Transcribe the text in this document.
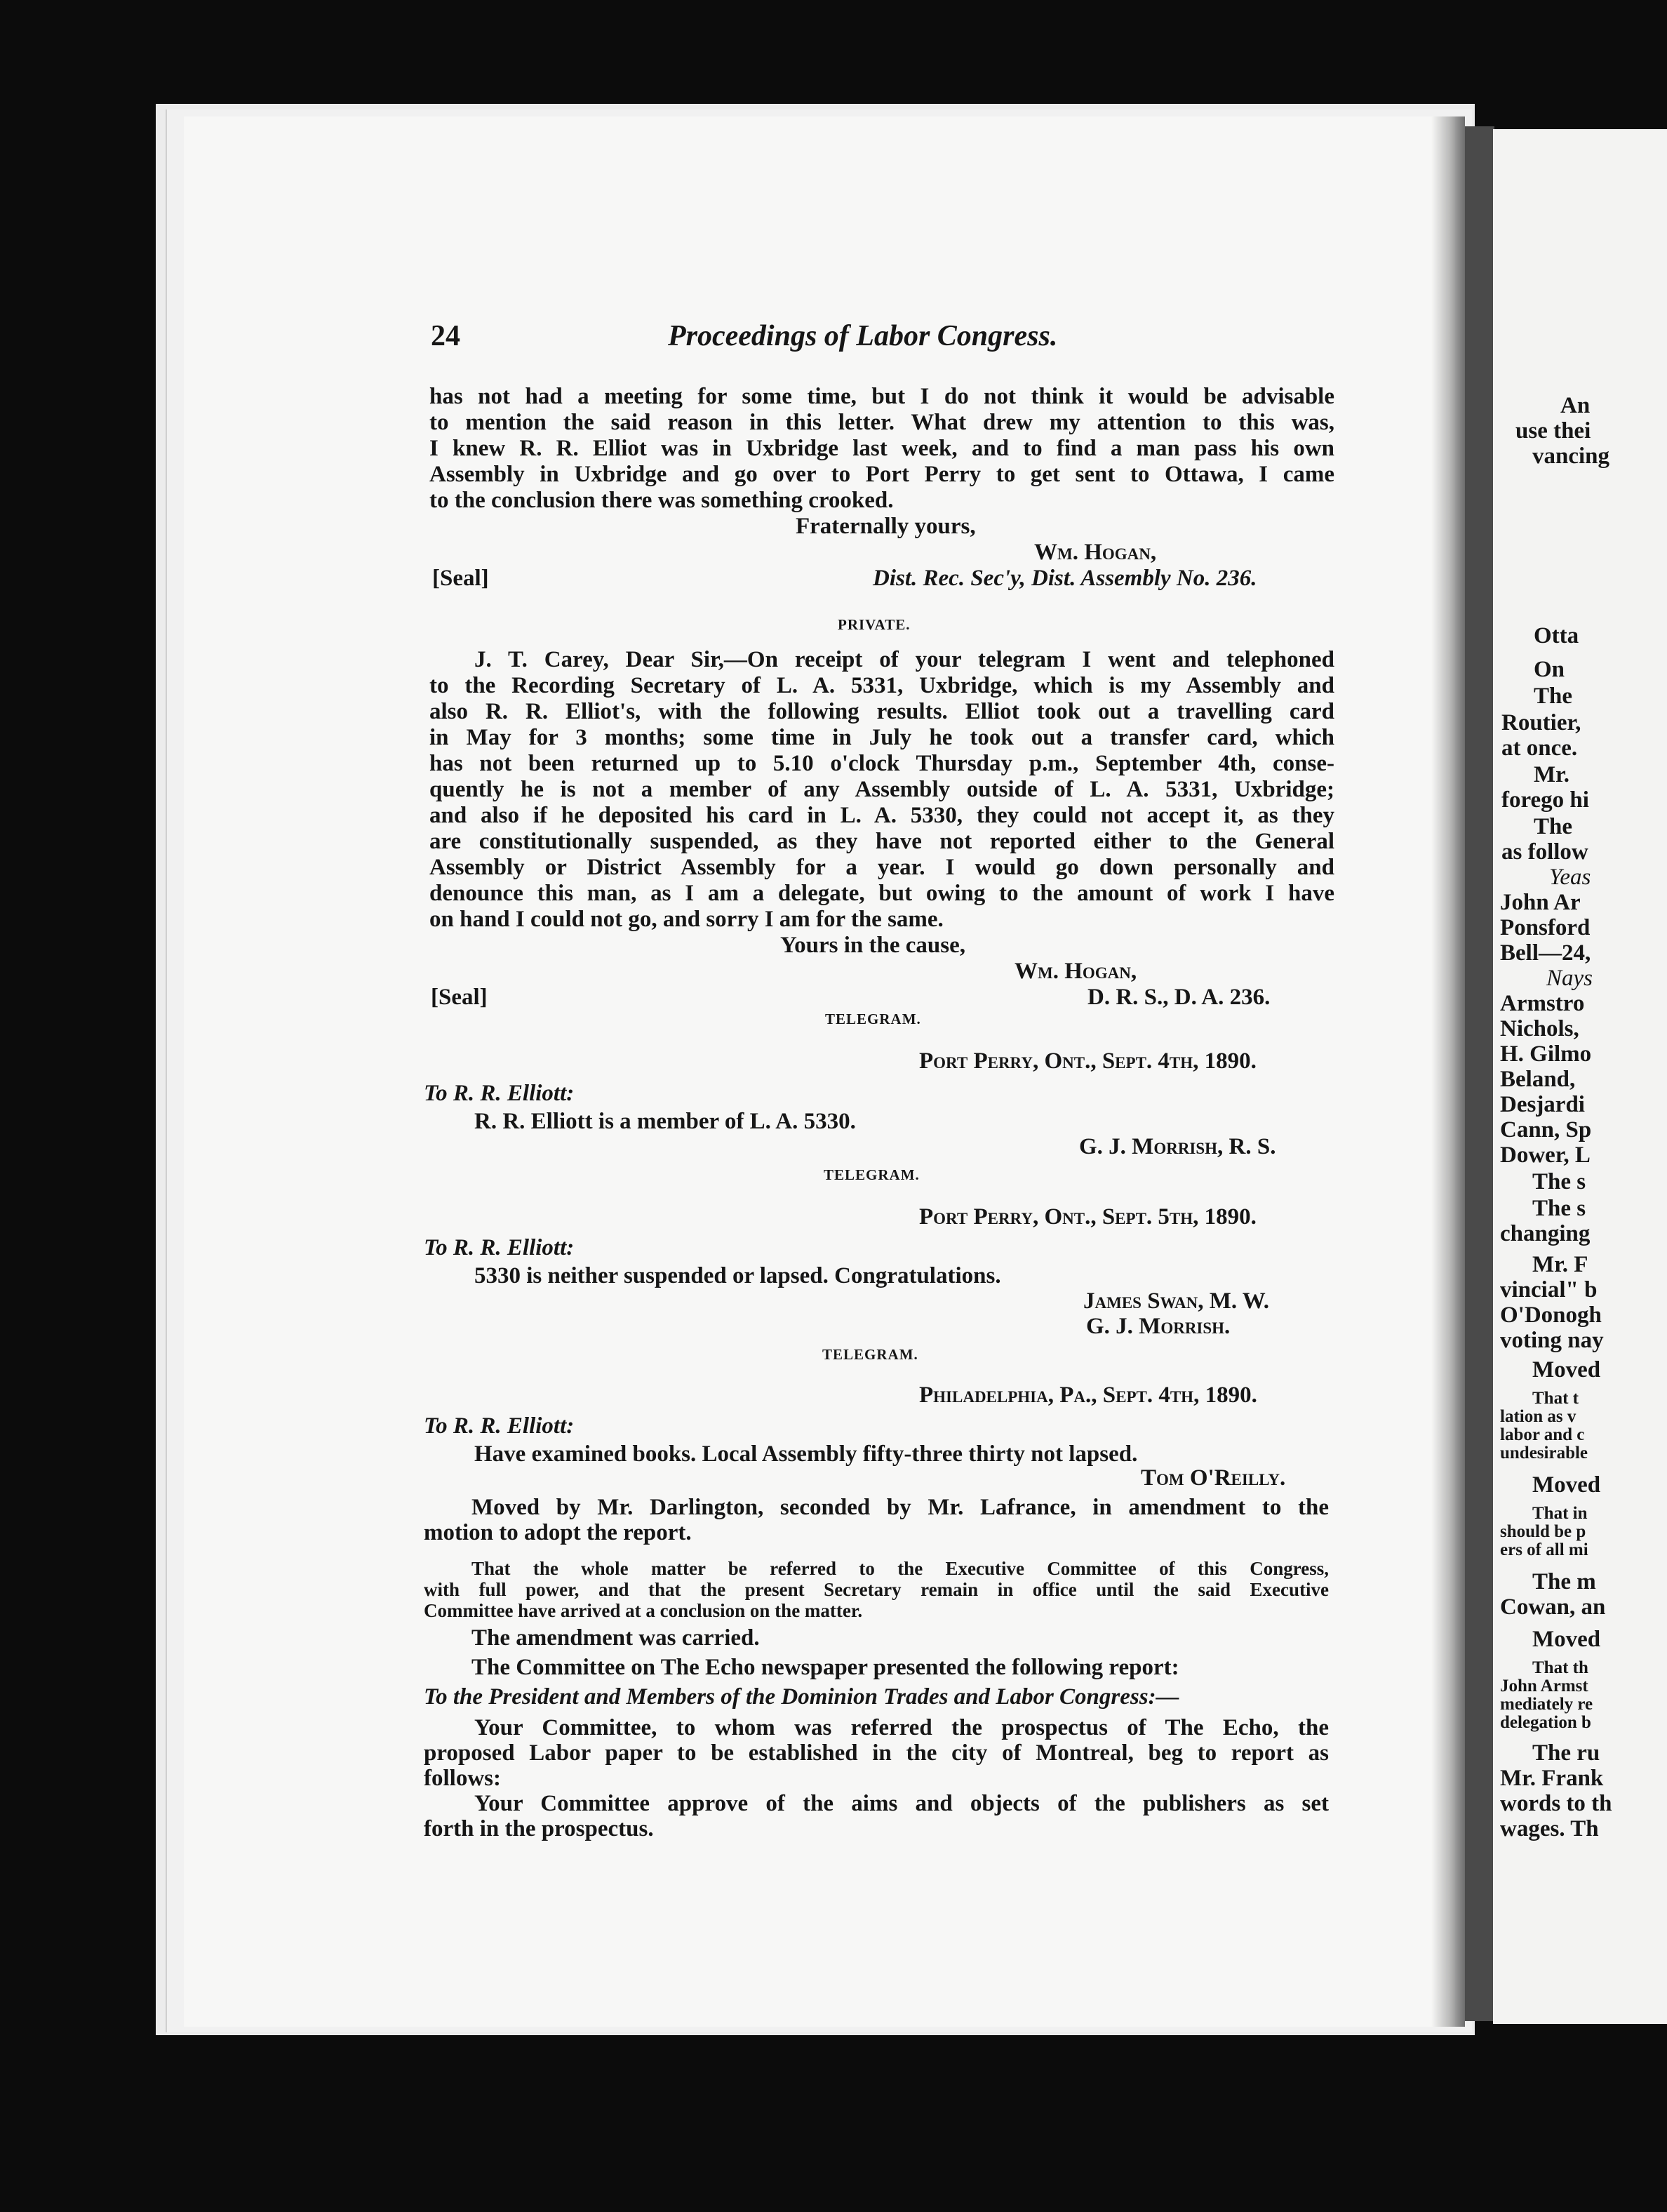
24	Proceedings of Labor Congress.
has not had a meeting for some time, but I do not think it would be advisable
to mention the said reason in this letter. What drew my attention to this was,
I knew R. R. Elliot was in Uxbridge last week, and to find a man pass his own
Assembly in Uxbridge and go over to Port Perry to get sent to Ottawa, I came
to the conclusion there was something crooked.
Fraternally yours,
Wm. Hogan,
[Seal]	Dist. Rec. Sec'y, Dist. Assembly No. 236.
PRIVATE.
J. T. Carey, Dear Sir,—On receipt of your telegram I went and telephoned
to the Recording Secretary of L. A. 5331, Uxbridge, which is my Assembly and
also R. R. Elliot's, with the following results. Elliot took out a travelling card
in May for 3 months; some time in July he took out a transfer card, which
has not been returned up to 5.10 o'clock Thursday p.m., September 4th, conse-
quently he is not a member of any Assembly outside of L. A. 5331, Uxbridge;
and also if he deposited his card in L. A. 5330, they could not accept it, as they
are constitutionally suspended, as they have not reported either to the General
Assembly or District Assembly for a year. I would go down personally and
denounce this man, as I am a delegate, but owing to the amount of work I have
on hand I could not go, and sorry I am for the same.
Yours in the cause,
Wm. Hogan,
[Seal]	D. R. S., D. A. 236.
TELEGRAM.
Port Perry, Ont., Sept. 4th, 1890.
To R. R. Elliott:
R. R. Elliott is a member of L. A. 5330.
G. J. Morrish, R. S.
TELEGRAM.
Port Perry, Ont., Sept. 5th, 1890.
To R. R. Elliott:
5330 is neither suspended or lapsed. Congratulations.
James Swan, M. W.
G. J. Morrish.
TELEGRAM.
Philadelphia, Pa., Sept. 4th, 1890.
To R. R. Elliott:
Have examined books. Local Assembly fifty-three thirty not lapsed.
Tom O'Reilly.
Moved by Mr. Darlington, seconded by Mr. Lafrance, in amendment to the
motion to adopt the report.
That the whole matter be referred to the Executive Committee of this Congress,
with full power, and that the present Secretary remain in office until the said Executive
Committee have arrived at a conclusion on the matter.
The amendment was carried.
The Committee on The Echo newspaper presented the following report:
To the President and Members of the Dominion Trades and Labor Congress:—
Your Committee, to whom was referred the prospectus of The Echo, the
proposed Labor paper to be established in the city of Montreal, beg to report as
follows:
Your Committee approve of the aims and objects of the publishers as set
forth in the prospectus.
An
use thei
vancing
Otta
On
The
Routier,
at once.
Mr.
forego hi
The
as follow
Yeas
John Ar
Ponsford
Bell—24,
Nays
Armstro
Nichols,
H. Gilmo
Beland,
Desjardi
Cann, Sp
Dower, L
The s
The s
changing
Mr. F
vincial" b
O'Donogh
voting nay
Moved
That t
lation as v
labor and c
undesirable
Moved
That in
should be p
ers of all mi
The m
Cowan, an
Moved
That th
John Armst
mediately re
delegation b
The ru
Mr. Frank
words to th
wages. Th
